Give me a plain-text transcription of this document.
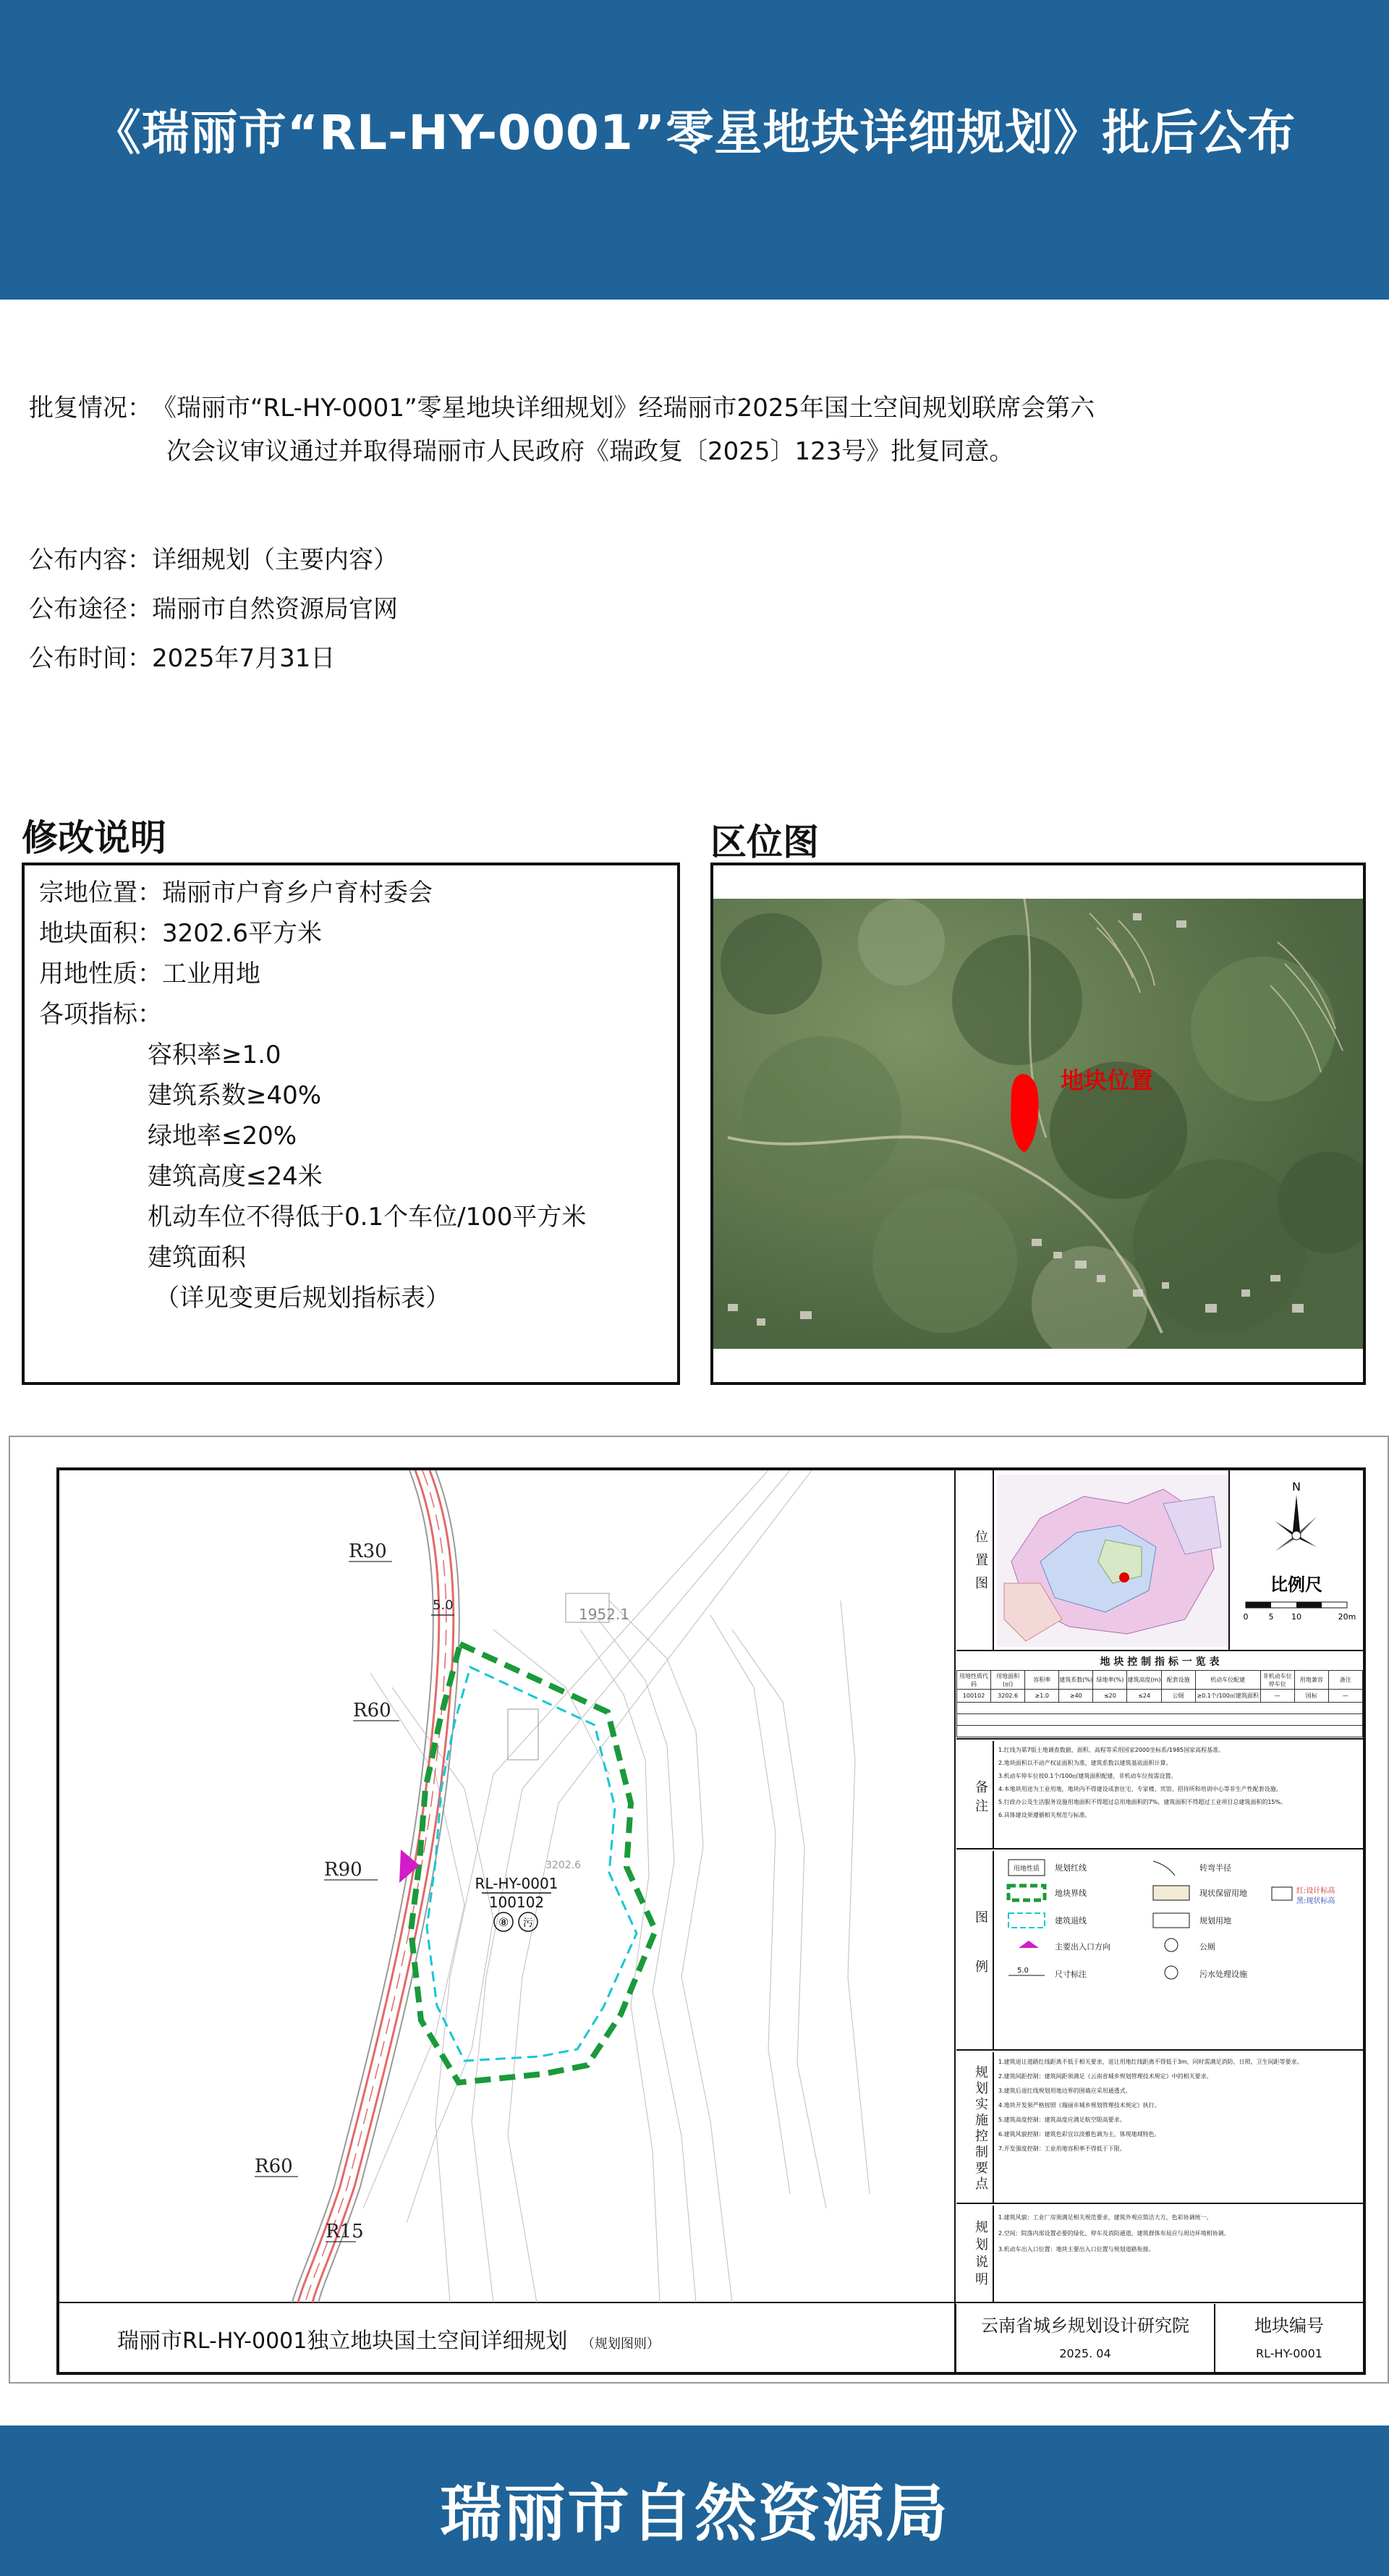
《瑞丽市“RL-HY-0001”零星地块详细规划》批后公布
批复情况： 《瑞丽市“RL-HY-0001”零星地块详细规划》经瑞丽市2025年国土空间规划联席会第六
次会议审议通过并取得瑞丽市人民政府《瑞政复〔2025〕123号》批复同意。
公布内容：详细规划（主要内容）
公布途径：瑞丽市自然资源局官网
公布时间：2025年7月31日
修改说明
宗地位置：瑞丽市户育乡户育村委会
地块面积：3202.6平方米
用地性质：工业用地
各项指标：
容积率≥1.0
建筑系数≥40%
绿地率≤20%
建筑高度≤24米
机动车位不得低于0.1个车位/100平方米
建筑面积
（详见变更后规划指标表）
区位图
地块位置
5.0
R30
R60
R90
R60
R15
1952.1
3202.6
RL-HY-0001
100102
⑧ 污
位置图
N
比例尺
0	5 10	20m
地 块 控 制 指 标 一 览 表
用地性质代码	用地面积(㎡)	容积率	建筑系数(%)	绿地率(%)	建筑高度(m)	配套设施	机动车位配建	非机动车位停车位	用地兼容	备注
100102	3202.6	≥1.0	≥40	≤20	≤24	公厕	≥0.1个/100㎡建筑面积	—	国标	—

备注
1.红线为第7版土地调查数据，面积、高程等采用国家2000坐标系/1985国家高程基准。
2.地块面积以不动产权证面积为准，建筑系数以建筑基底面积计算。
3.机动车停车位按0.1个/100㎡建筑面积配建，非机动车位按需设置。
4.本地块用途为工业用地，地块内不得建设成套住宅、专家楼、宾馆、招待所和培训中心等非生产性配套设施。
5.行政办公及生活服务设施用地面积不得超过总用地面积的7%，建筑面积不得超过工业项目总建筑面积的15%。
6.具体建设须遵循相关规范与标准。
图例
用地性质 规划红线
地块界线
建筑退线
主要出入口方向
5.0	尺寸标注
转弯半径
现状保留用地
规划用地
公厕
污水处理设施
红:设计标高
黑:现状标高
规划实施控制要点
1.建筑退让道路红线距离不低于相关要求，退让用地红线距离不得低于3m，同时需满足消防、日照、卫生间距等要求。
2.建筑间距控制：建筑间距须满足《云南省城乡规划管理技术规定》中的相关要求。
3.建筑后退红线规划用地边界的围墙应采用通透式。
4.地块开发须严格按照《瑞丽市城乡规划管理技术规定》执行。
5.建筑高度控制：建筑高度应满足航空限高要求。
6.建筑风貌控制：建筑色彩宜以淡雅色调为主，体现地域特色。
7.开发强度控制：工业用地容积率不得低于下限。
规划说明
1.建筑风貌：工业厂房须满足相关规范要求，建筑外观应简洁大方，色彩协调统一。
2.空间：院落内部设置必要的绿化、停车及消防通道，建筑群体布局应与周边环境相协调。
3.机动车出入口位置：地块主要出入口位置与规划道路衔接。
瑞丽市RL-HY-0001独立地块国土空间详细规划 （规划图则）
云南省城乡规划设计研究院
2025. 04
地块编号
RL-HY-0001
瑞丽市自然资源局
